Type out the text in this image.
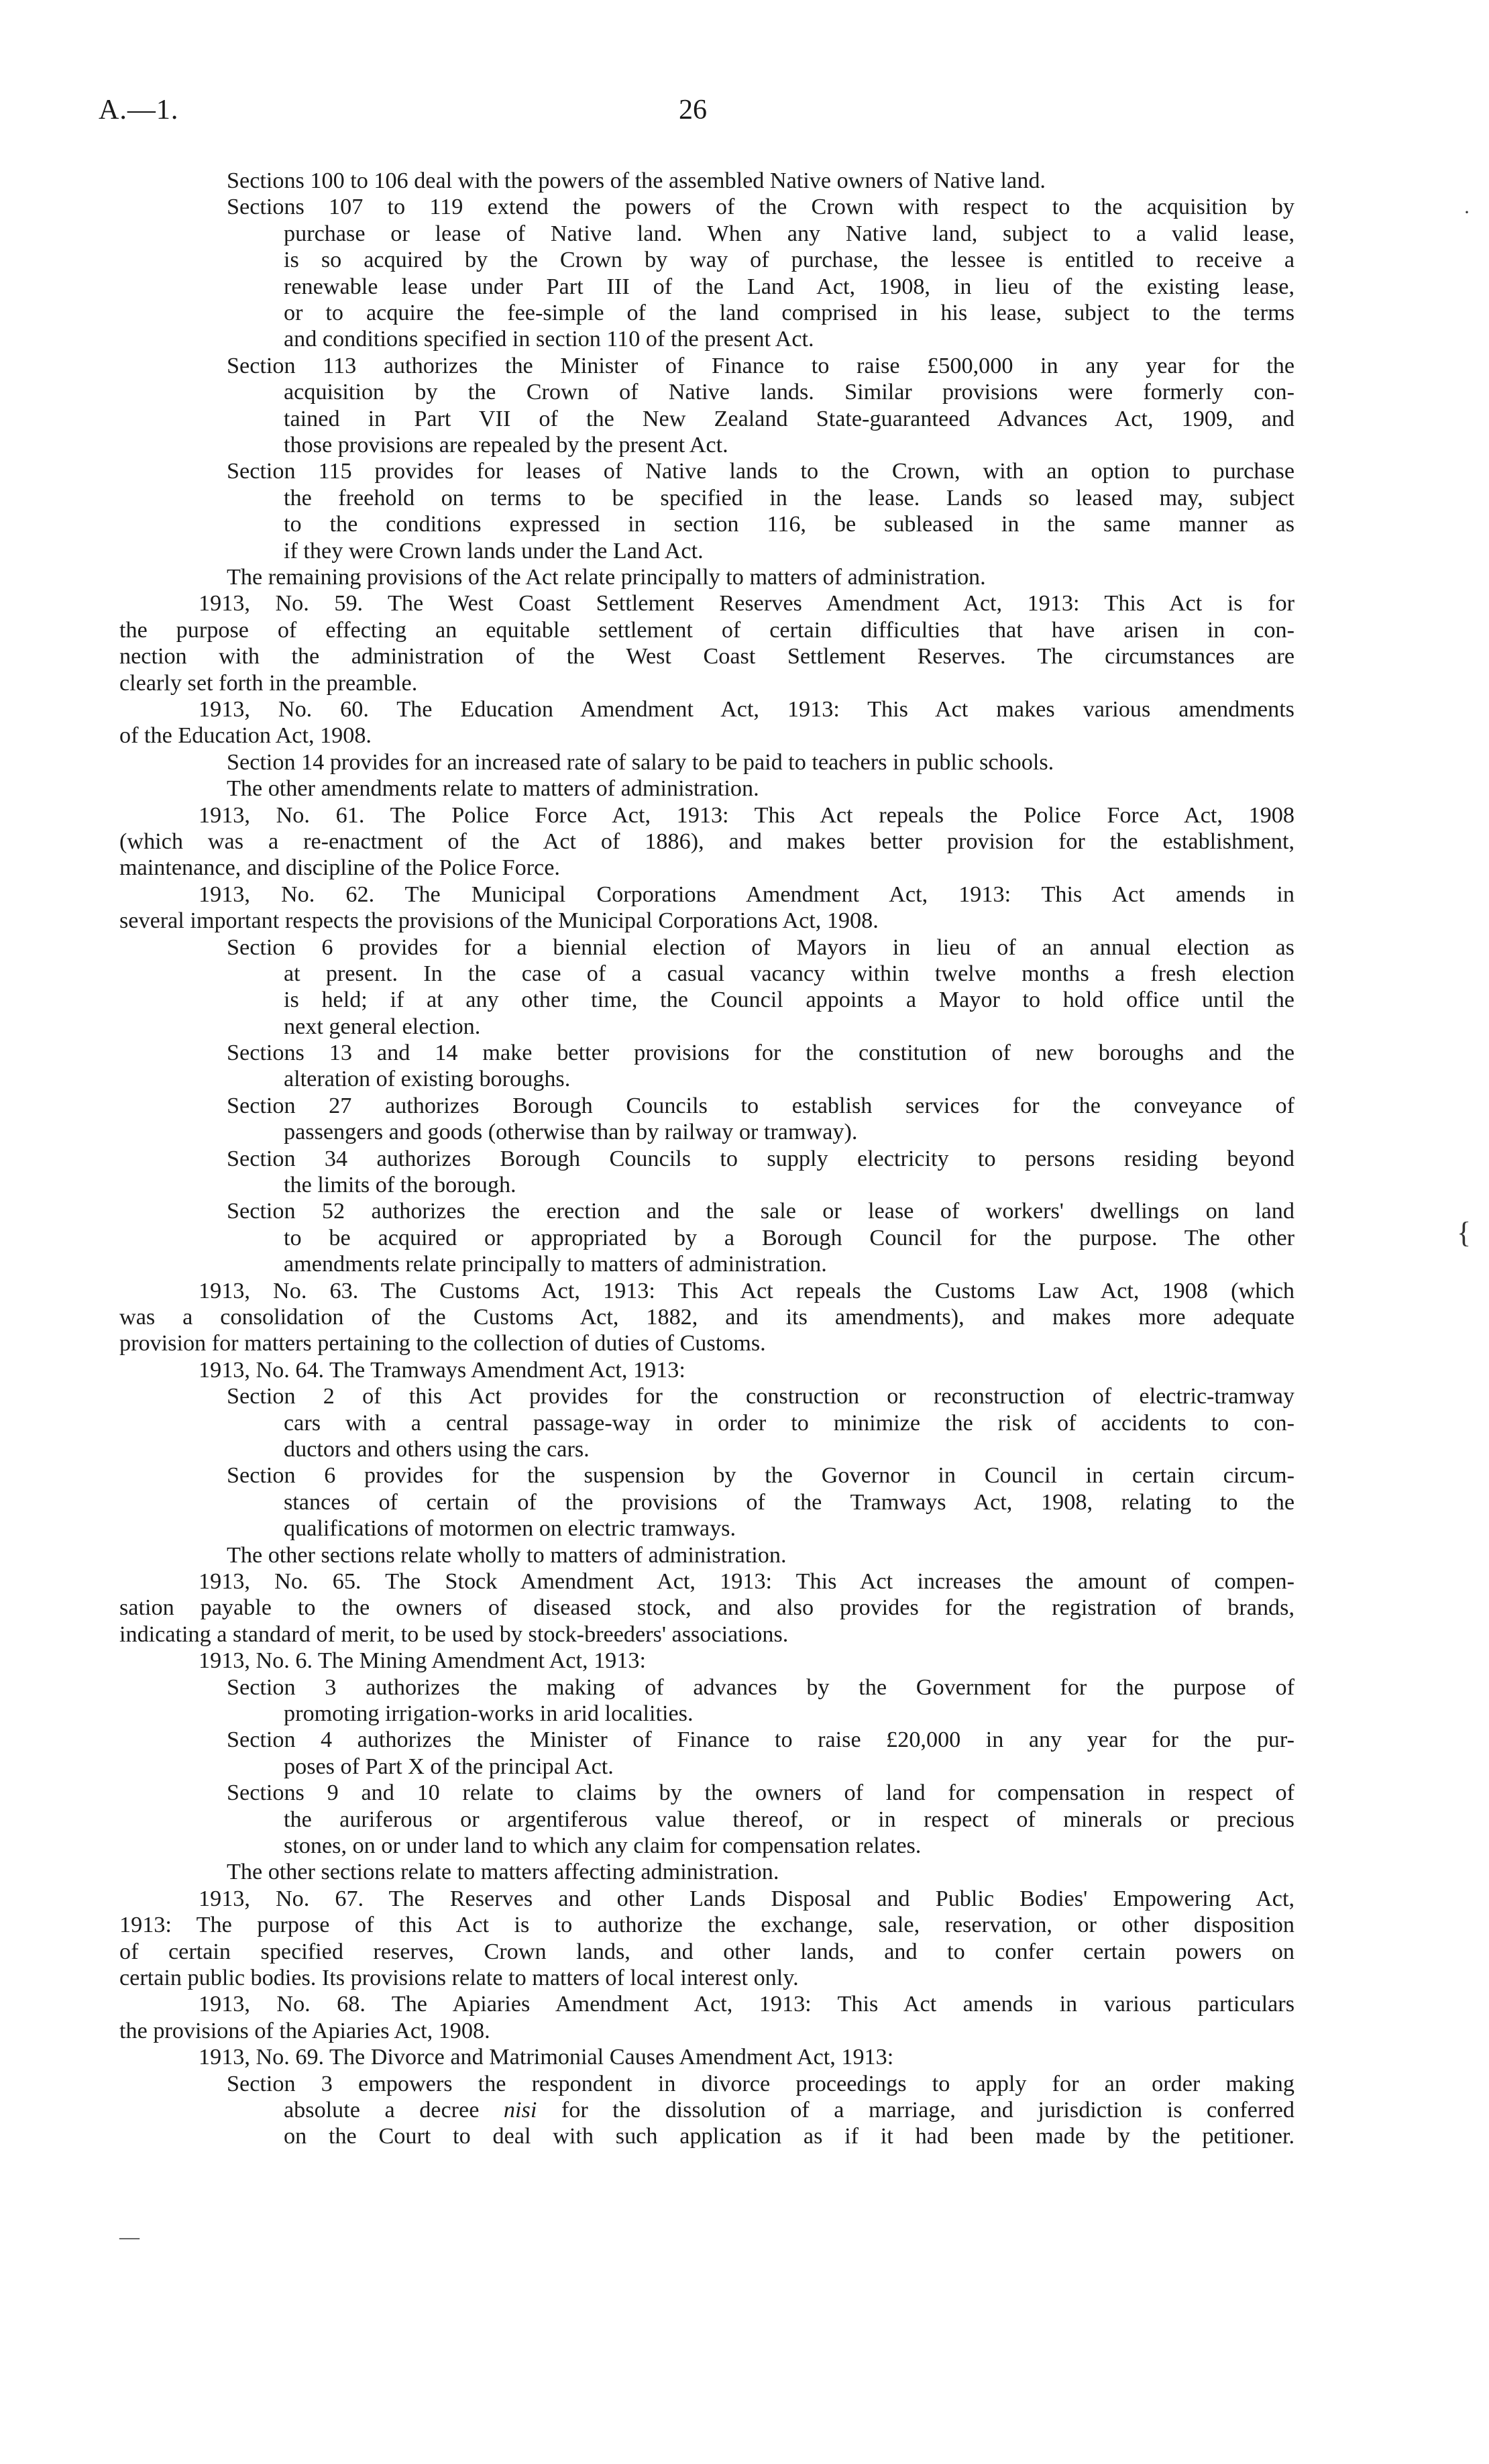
A.—1.	26
·
{
—
Sections 100 to 106 deal with the powers of the assembled Native owners of Native land.
Sections 107 to 119 extend the powers of the Crown with respect to the acquisition by
purchase or lease of Native land. When any Native land, subject to a valid lease,
is so acquired by the Crown by way of purchase, the lessee is entitled to receive a
renewable lease under Part III of the Land Act, 1908, in lieu of the existing lease,
or to acquire the fee-simple of the land comprised in his lease, subject to the terms
and conditions specified in section 110 of the present Act.
Section 113 authorizes the Minister of Finance to raise £500,000 in any year for the
acquisition by the Crown of Native lands. Similar provisions were formerly con-
tained in Part VII of the New Zealand State-guaranteed Advances Act, 1909, and
those provisions are repealed by the present Act.
Section 115 provides for leases of Native lands to the Crown, with an option to purchase
the freehold on terms to be specified in the lease. Lands so leased may, subject
to the conditions expressed in section 116, be subleased in the same manner as
if they were Crown lands under the Land Act.
The remaining provisions of the Act relate principally to matters of administration.
1913, No. 59. The West Coast Settlement Reserves Amendment Act, 1913: This Act is for
the purpose of effecting an equitable settlement of certain difficulties that have arisen in con-
nection with the administration of the West Coast Settlement Reserves. The circumstances are
clearly set forth in the preamble.
1913, No. 60. The Education Amendment Act, 1913: This Act makes various amendments
of the Education Act, 1908.
Section 14 provides for an increased rate of salary to be paid to teachers in public schools.
The other amendments relate to matters of administration.
1913, No. 61. The Police Force Act, 1913: This Act repeals the Police Force Act, 1908
(which was a re-enactment of the Act of 1886), and makes better provision for the establishment,
maintenance, and discipline of the Police Force.
1913, No. 62. The Municipal Corporations Amendment Act, 1913: This Act amends in
several important respects the provisions of the Municipal Corporations Act, 1908.
Section 6 provides for a biennial election of Mayors in lieu of an annual election as
at present. In the case of a casual vacancy within twelve months a fresh election
is held; if at any other time, the Council appoints a Mayor to hold office until the
next general election.
Sections 13 and 14 make better provisions for the constitution of new boroughs and the
alteration of existing boroughs.
Section 27 authorizes Borough Councils to establish services for the conveyance of
passengers and goods (otherwise than by railway or tramway).
Section 34 authorizes Borough Councils to supply electricity to persons residing beyond
the limits of the borough.
Section 52 authorizes the erection and the sale or lease of workers' dwellings on land
to be acquired or appropriated by a Borough Council for the purpose. The other
amendments relate principally to matters of administration.
1913, No. 63. The Customs Act, 1913: This Act repeals the Customs Law Act, 1908 (which
was a consolidation of the Customs Act, 1882, and its amendments), and makes more adequate
provision for matters pertaining to the collection of duties of Customs.
1913, No. 64. The Tramways Amendment Act, 1913:
Section 2 of this Act provides for the construction or reconstruction of electric-tramway
cars with a central passage-way in order to minimize the risk of accidents to con-
ductors and others using the cars.
Section 6 provides for the suspension by the Governor in Council in certain circum-
stances of certain of the provisions of the Tramways Act, 1908, relating to the
qualifications of motormen on electric tramways.
The other sections relate wholly to matters of administration.
1913, No. 65. The Stock Amendment Act, 1913: This Act increases the amount of compen-
sation payable to the owners of diseased stock, and also provides for the registration of brands,
indicating a standard of merit, to be used by stock-breeders' associations.
1913, No. 6. The Mining Amendment Act, 1913:
Section 3 authorizes the making of advances by the Government for the purpose of
promoting irrigation-works in arid localities.
Section 4 authorizes the Minister of Finance to raise £20,000 in any year for the pur-
poses of Part X of the principal Act.
Sections 9 and 10 relate to claims by the owners of land for compensation in respect of
the auriferous or argentiferous value thereof, or in respect of minerals or precious
stones, on or under land to which any claim for compensation relates.
The other sections relate to matters affecting administration.
1913, No. 67. The Reserves and other Lands Disposal and Public Bodies' Empowering Act,
1913: The purpose of this Act is to authorize the exchange, sale, reservation, or other disposition
of certain specified reserves, Crown lands, and other lands, and to confer certain powers on
certain public bodies. Its provisions relate to matters of local interest only.
1913, No. 68. The Apiaries Amendment Act, 1913: This Act amends in various particulars
the provisions of the Apiaries Act, 1908.
1913, No. 69. The Divorce and Matrimonial Causes Amendment Act, 1913:
Section 3 empowers the respondent in divorce proceedings to apply for an order making
absolute a decree nisi for the dissolution of a marriage, and jurisdiction is conferred
on the Court to deal with such application as if it had been made by the petitioner.
